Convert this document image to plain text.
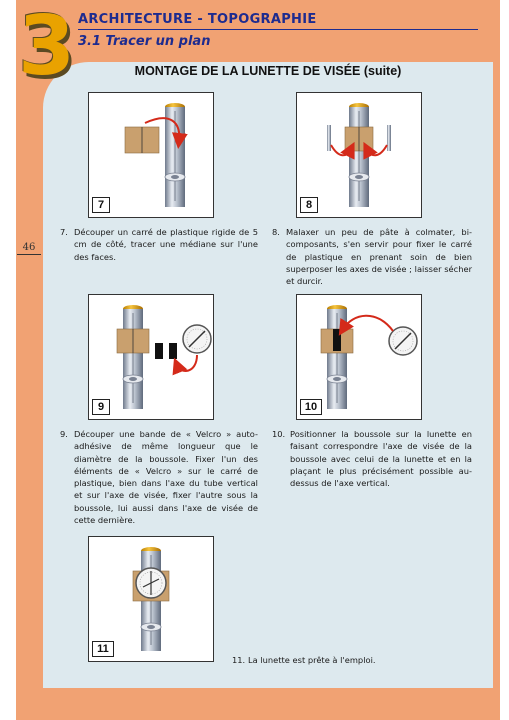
3 ARCHITECTURE - TOPOGRAPHIE
3.1 Tracer un plan
MONTAGE DE LA LUNETTE DE VISÉE (suite)
46
7	8
7. Découper un carré de plastique rigide de 5 cm de côté, tracer une médiane sur l'une des faces.
8. Malaxer un peu de pâte à colmater, bi-composants, s'en servir pour fixer le carré de plastique en prenant soin de bien superposer les axes de visée ; laisser sécher et durcir.
9	10
9. Découper une bande de « Velcro » auto-adhésive de même longueur que le diamètre de la boussole. Fixer l'un des éléments de « Velcro » sur le carré de plastique, bien dans l'axe du tube vertical et sur l'axe de visée, fixer l'autre sous la boussole, lui aussi dans l'axe de visée de cette dernière.
10. Positionner la boussole sur la lunette en faisant correspondre l'axe de visée de la boussole avec celui de la lunette et en la plaçant le plus précisément possible au-dessus de l'axe vertical.
11
11. La lunette est prête à l'emploi.
